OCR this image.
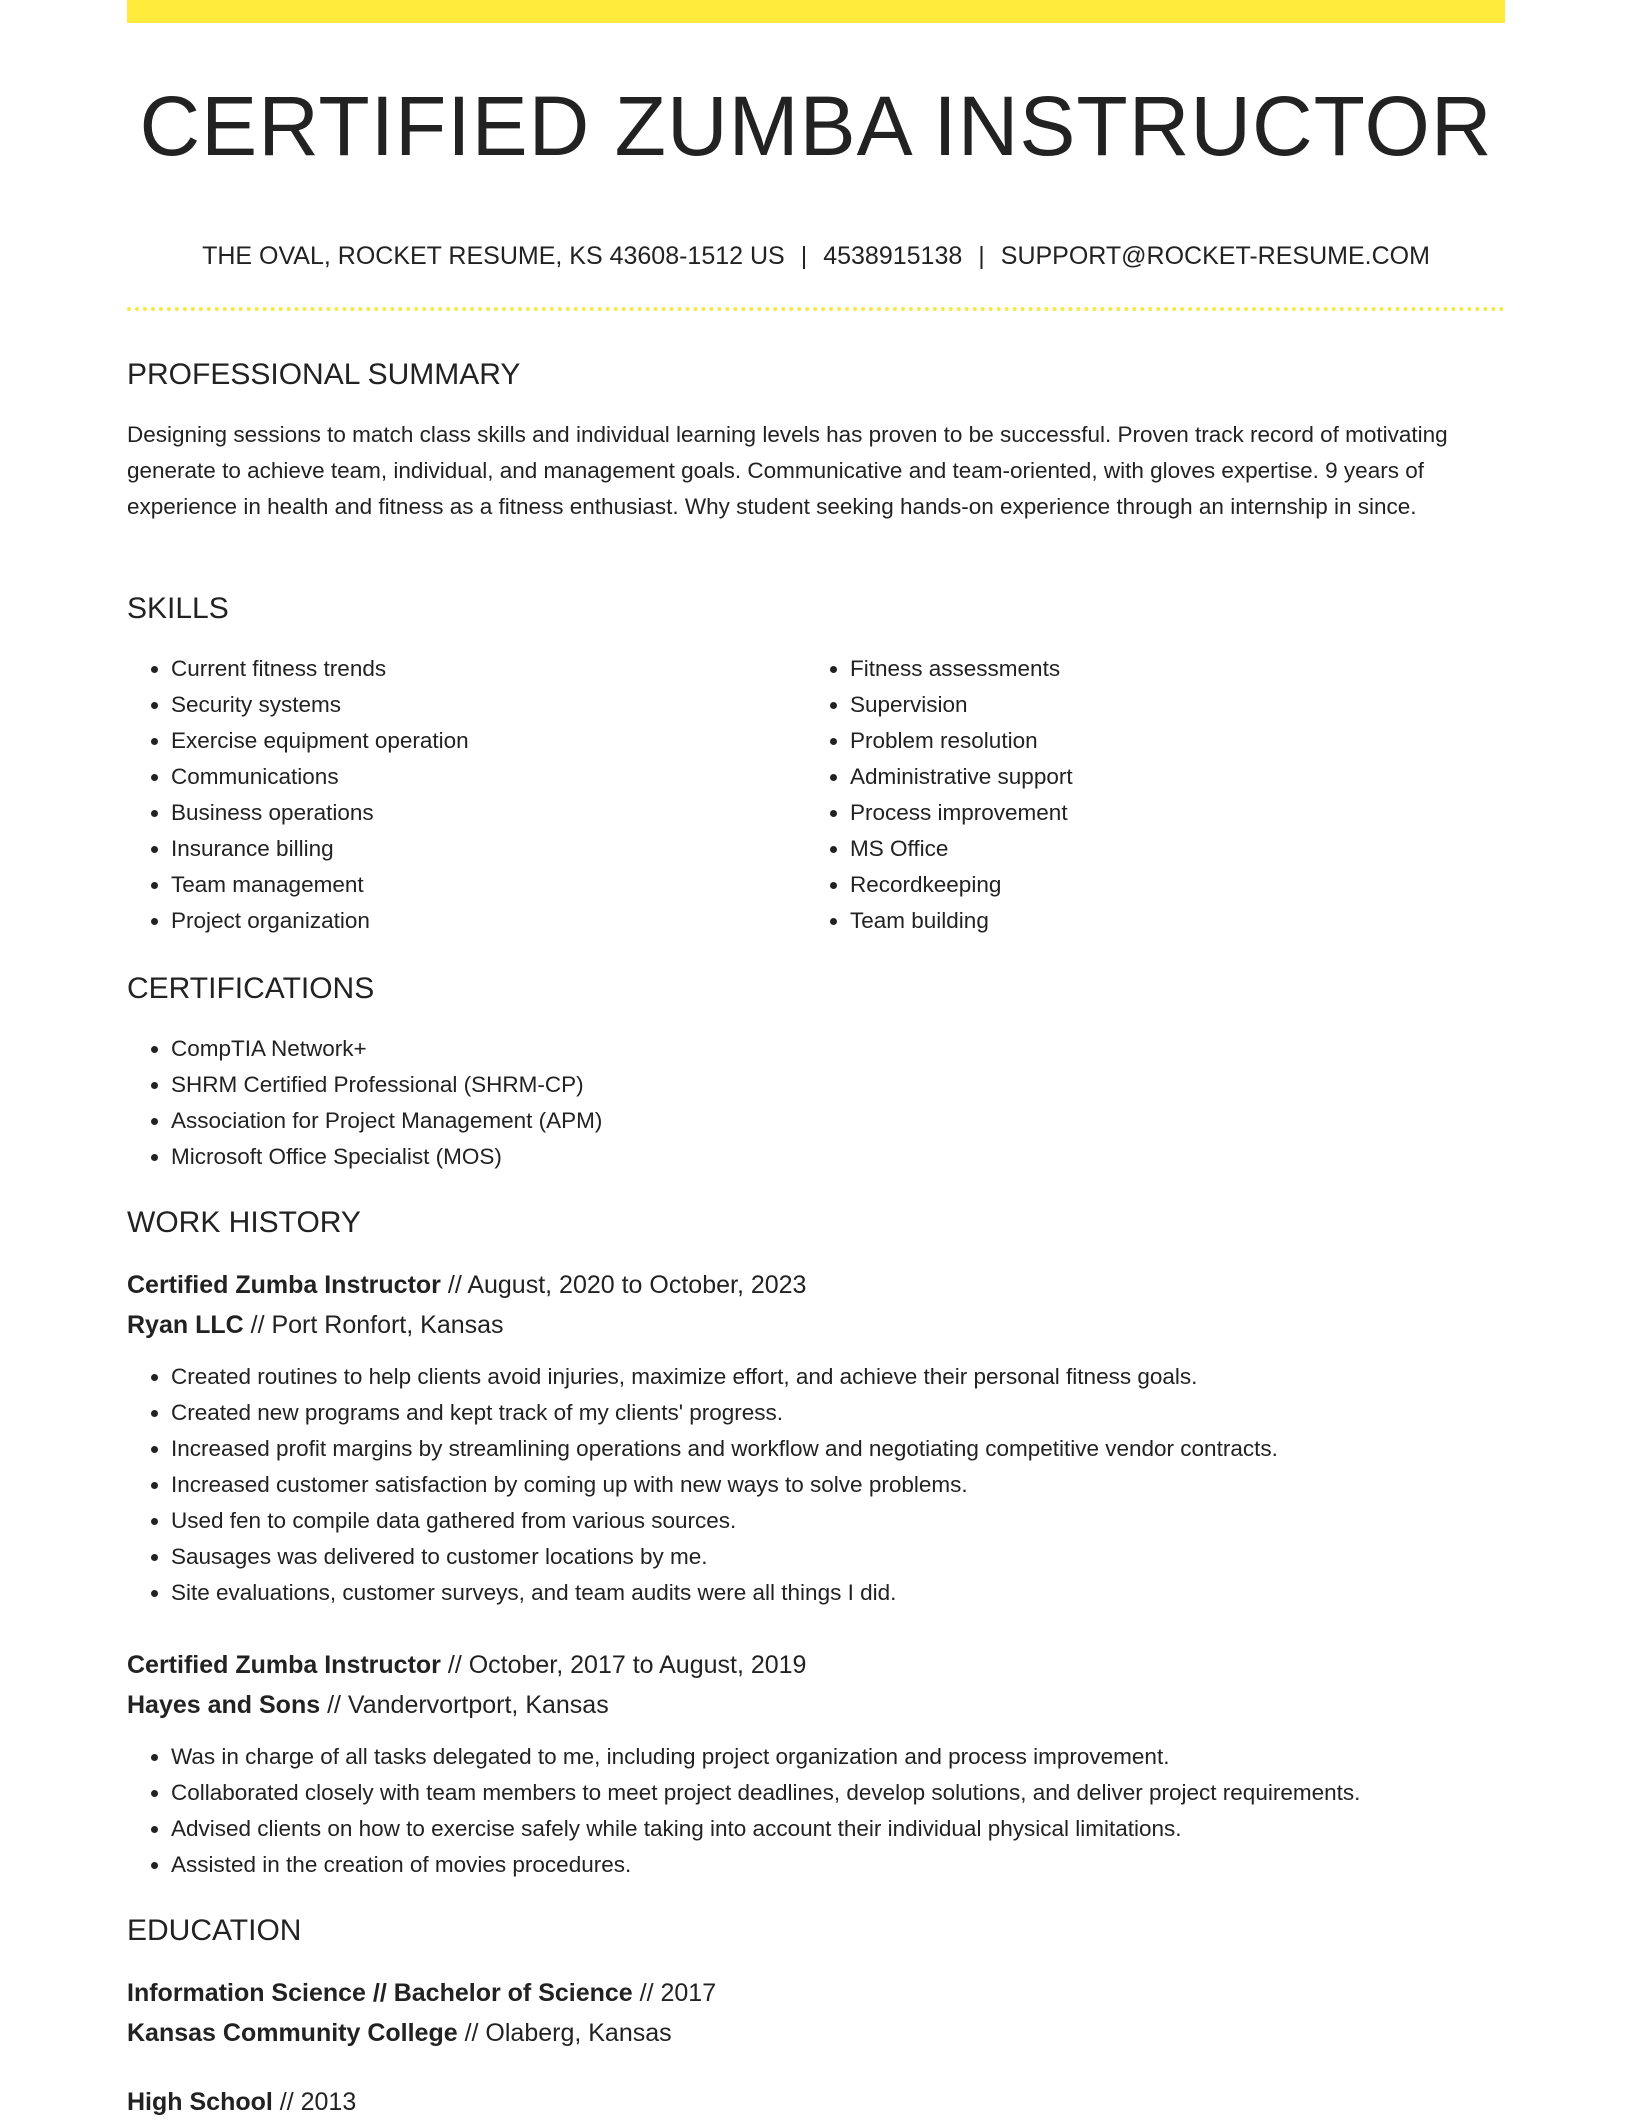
CERTIFIED ZUMBA INSTRUCTOR
THE OVAL, ROCKET RESUME, KS 43608-1512 US | 4538915138 | SUPPORT@ROCKET-RESUME.COM
PROFESSIONAL SUMMARY

Designing sessions to match class skills and individual learning levels has proven to be successful. Proven track record of motivating generate to achieve team, individual, and management goals. Communicative and team-oriented, with gloves expertise. 9 years of experience in health and fitness as a fitness enthusiast. Why student seeking hands-on experience through an internship in since.

SKILLS
• Current fitness trends
• Security systems
• Exercise equipment operation
• Communications
• Business operations
• Insurance billing
• Team management
• Project organization
• Fitness assessments
• Supervision
• Problem resolution
• Administrative support
• Process improvement
• MS Office
• Recordkeeping
• Team building
CERTIFICATIONS
• CompTIA Network+
• SHRM Certified Professional (SHRM-CP)
• Association for Project Management (APM)
• Microsoft Office Specialist (MOS)
WORK HISTORY
Certified Zumba Instructor // August, 2020 to October, 2023
Ryan LLC // Port Ronfort, Kansas
• Created routines to help clients avoid injuries, maximize effort, and achieve their personal fitness goals.
• Created new programs and kept track of my clients' progress.
• Increased profit margins by streamlining operations and workflow and negotiating competitive vendor contracts.
• Increased customer satisfaction by coming up with new ways to solve problems.
• Used fen to compile data gathered from various sources.
• Sausages was delivered to customer locations by me.
• Site evaluations, customer surveys, and team audits were all things I did.
Certified Zumba Instructor // October, 2017 to August, 2019
Hayes and Sons // Vandervortport, Kansas
• Was in charge of all tasks delegated to me, including project organization and process improvement.
• Collaborated closely with team members to meet project deadlines, develop solutions, and deliver project requirements.
• Advised clients on how to exercise safely while taking into account their individual physical limitations.
• Assisted in the creation of movies procedures.
EDUCATION
Information Science // Bachelor of Science // 2017
Kansas Community College // Olaberg, Kansas
High School // 2013
